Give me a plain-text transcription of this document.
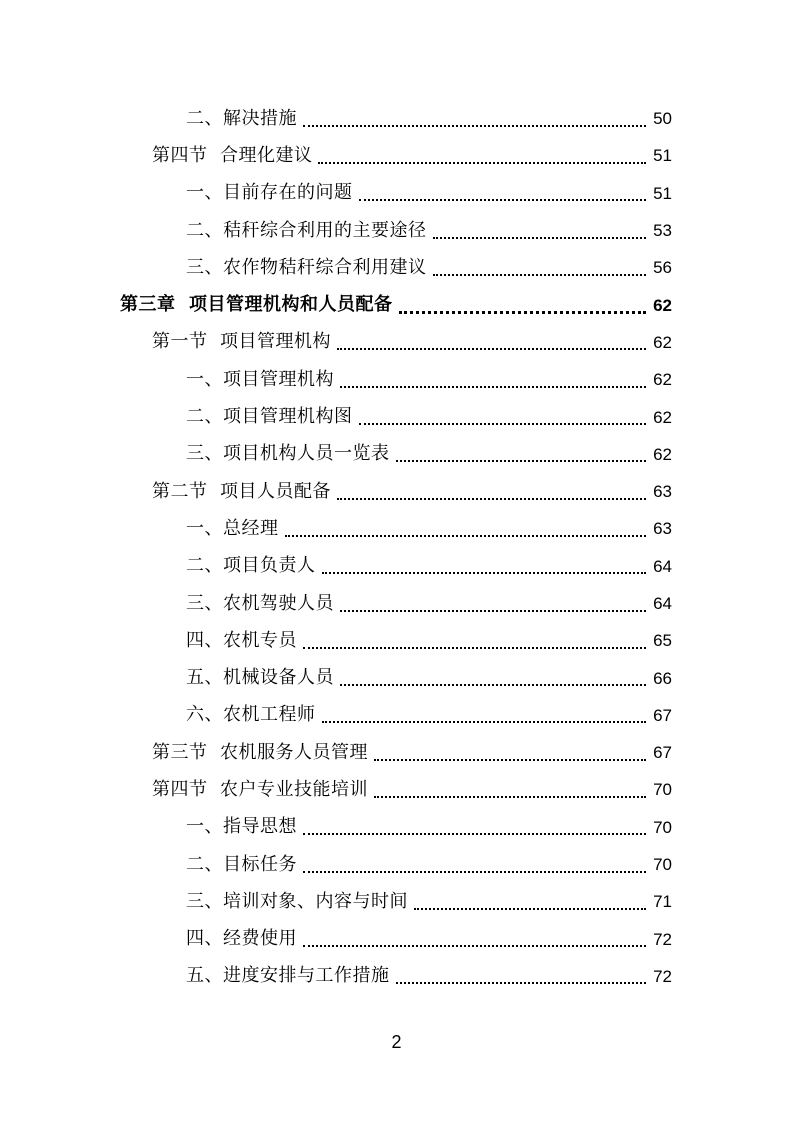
二、解决措施	50
第四节  合理化建议	51
一、目前存在的问题	51
二、秸秆综合利用的主要途径	53
三、农作物秸秆综合利用建议	56
第三章  项目管理机构和人员配备	62
第一节  项目管理机构	62
一、项目管理机构	62
二、项目管理机构图	62
三、项目机构人员一览表	62
第二节  项目人员配备	63
一、总经理	63
二、项目负责人	64
三、农机驾驶人员	64
四、农机专员	65
五、机械设备人员	66
六、农机工程师	67
第三节  农机服务人员管理	67
第四节  农户专业技能培训	70
一、指导思想	70
二、目标任务	70
三、培训对象、内容与时间	71
四、经费使用	72
五、进度安排与工作措施	72
2
